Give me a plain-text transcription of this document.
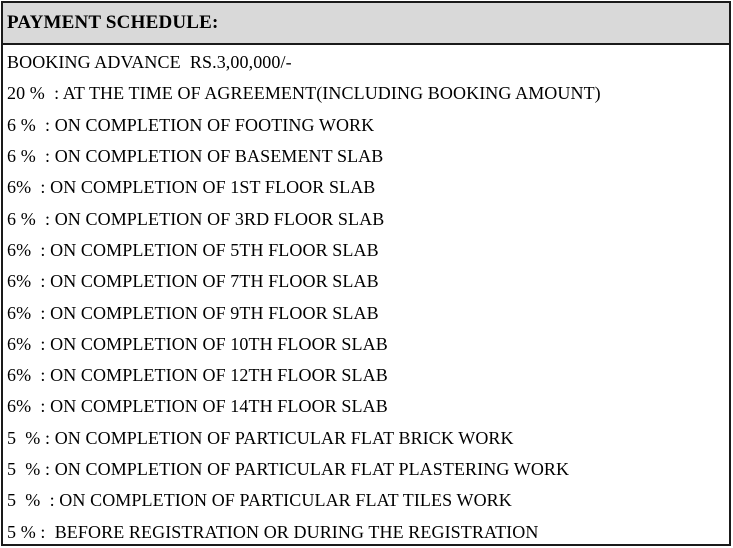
PAYMENT SCHEDULE:
BOOKING ADVANCE  RS.3,00,000/-
20 %  : AT THE TIME OF AGREEMENT(INCLUDING BOOKING AMOUNT)
6 %  : ON COMPLETION OF FOOTING WORK
6 %  : ON COMPLETION OF BASEMENT SLAB
6%  : ON COMPLETION OF 1ST FLOOR SLAB
6 %  : ON COMPLETION OF 3RD FLOOR SLAB
6%  : ON COMPLETION OF 5TH FLOOR SLAB
6%  : ON COMPLETION OF 7TH FLOOR SLAB
6%  : ON COMPLETION OF 9TH FLOOR SLAB
6%  : ON COMPLETION OF 10TH FLOOR SLAB
6%  : ON COMPLETION OF 12TH FLOOR SLAB
6%  : ON COMPLETION OF 14TH FLOOR SLAB
5  % : ON COMPLETION OF PARTICULAR FLAT BRICK WORK
5  % : ON COMPLETION OF PARTICULAR FLAT PLASTERING WORK
5  %  : ON COMPLETION OF PARTICULAR FLAT TILES WORK
5 % :  BEFORE REGISTRATION OR DURING THE REGISTRATION
